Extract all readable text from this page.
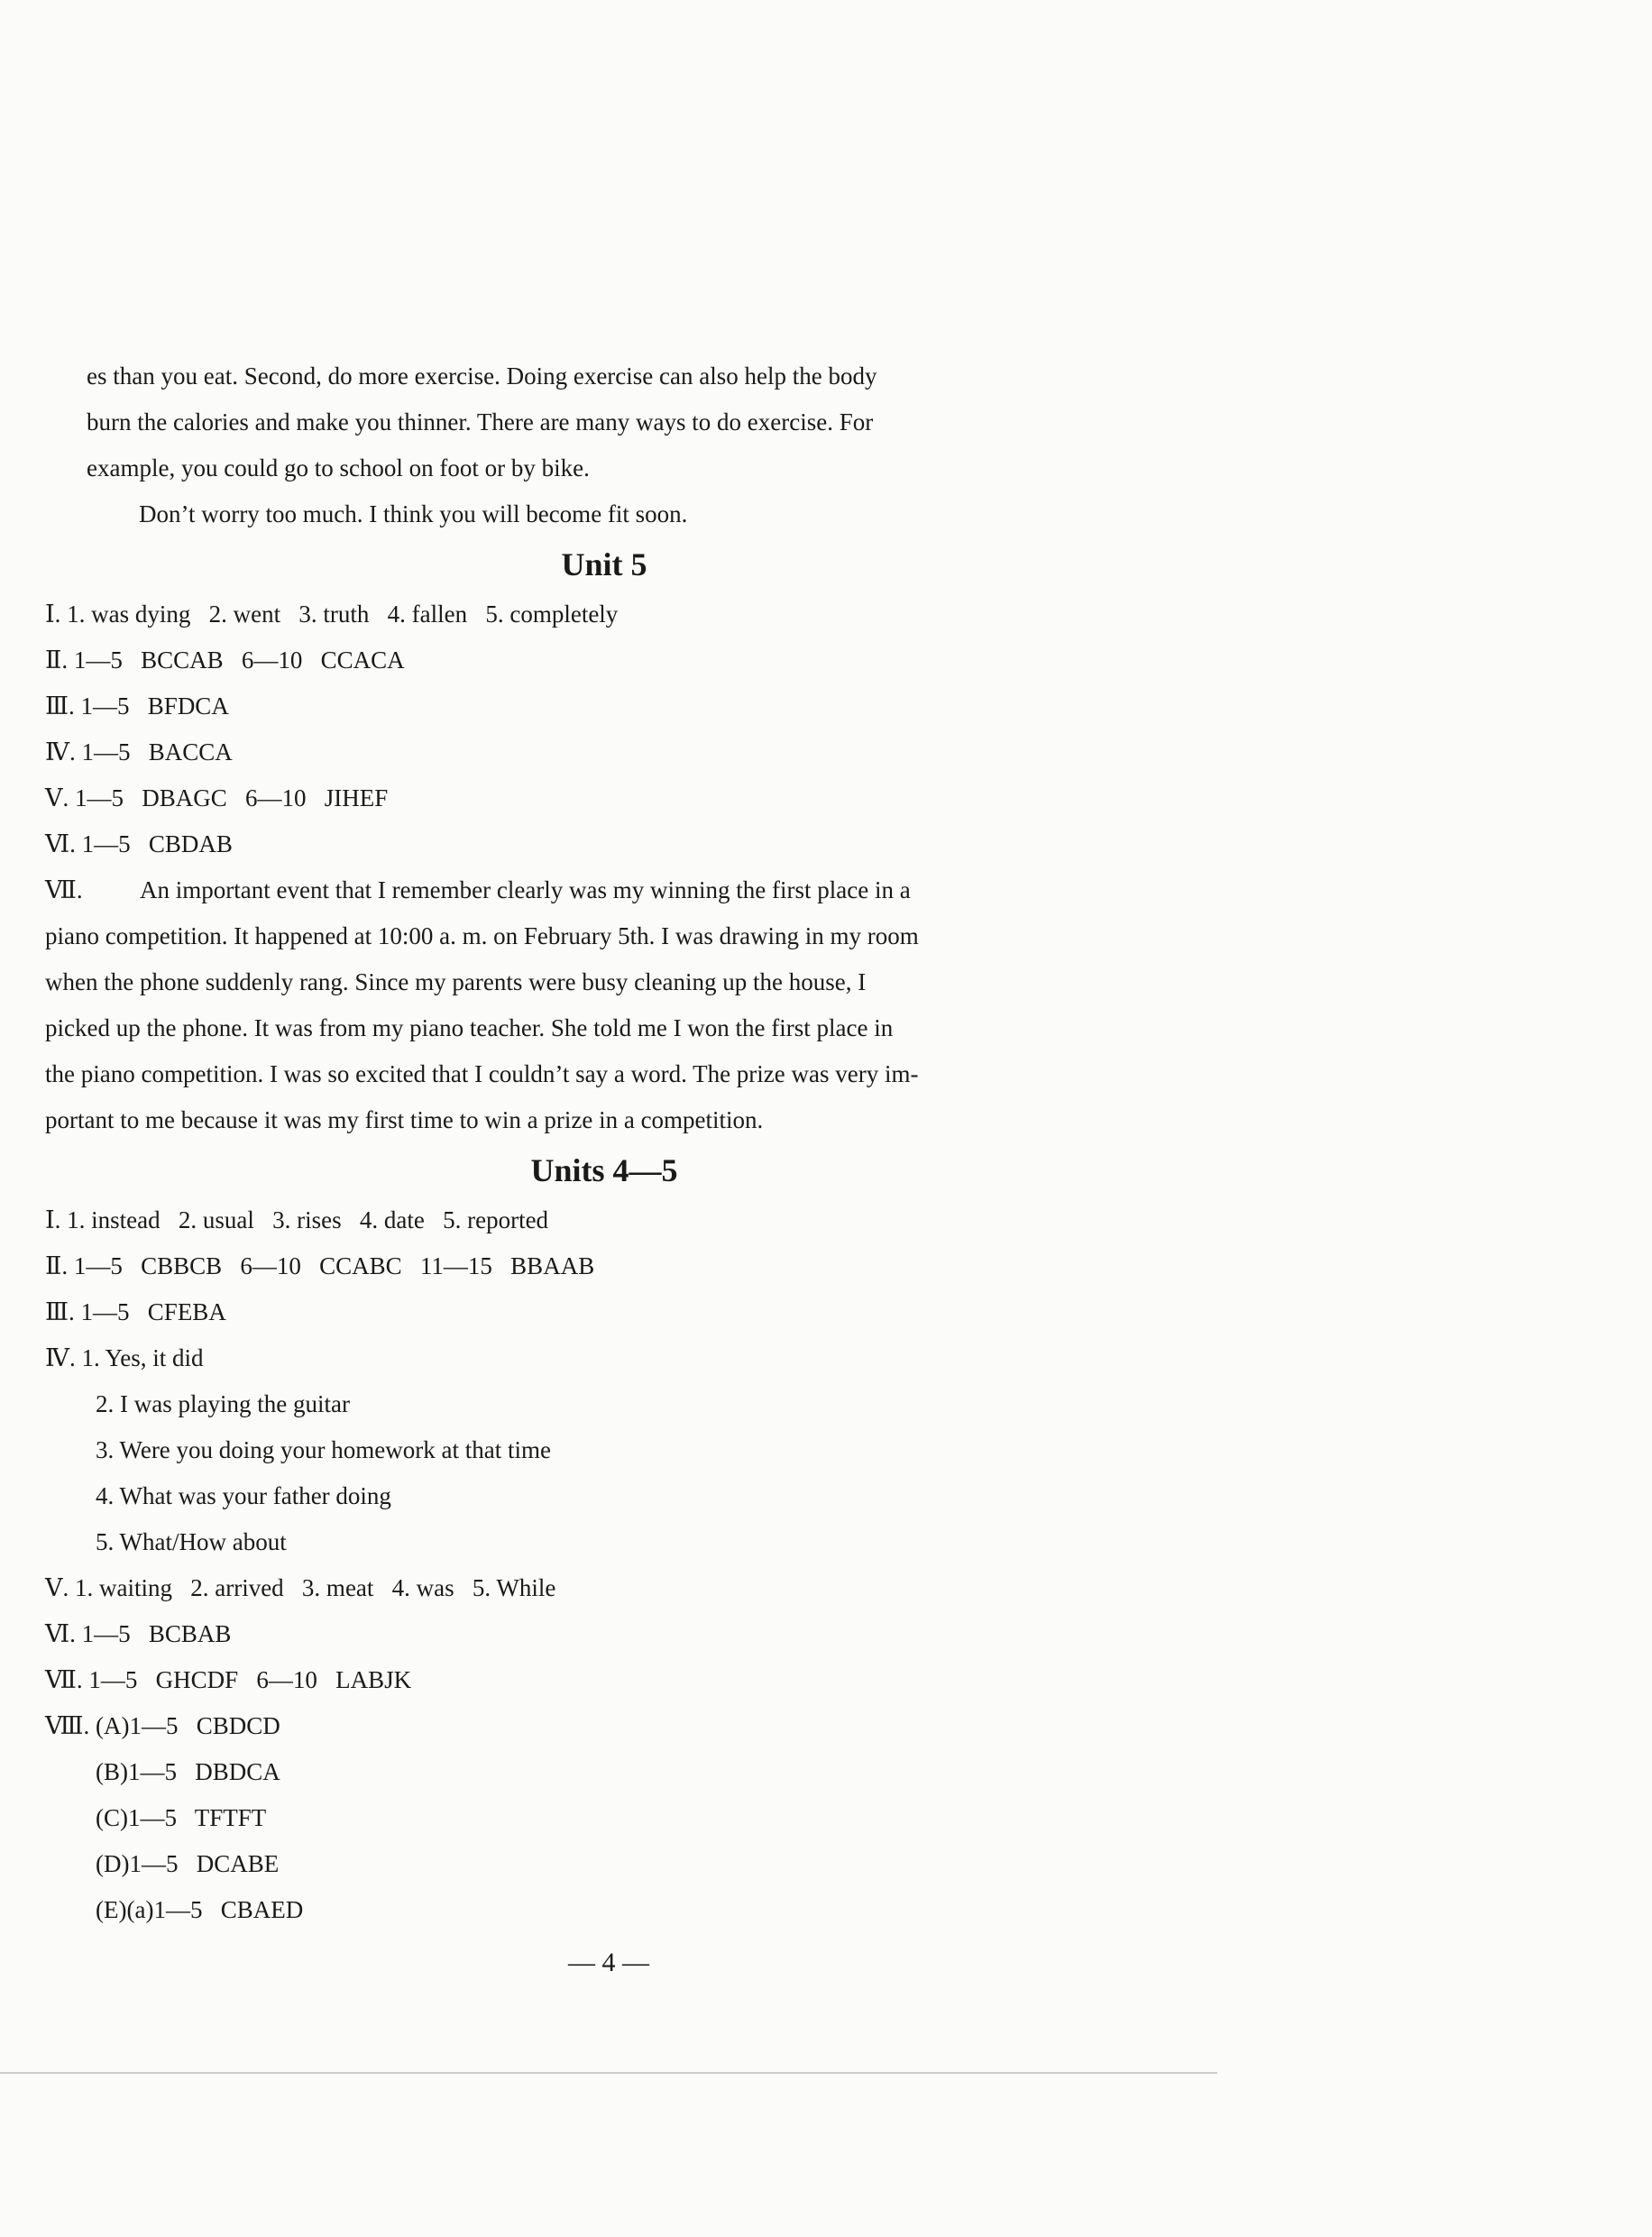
es than you eat. Second, do more exercise. Doing exercise can also help the body

burn the calories and make you thinner. There are many ways to do exercise. For

example, you could go to school on foot or by bike.

Don’t worry too much. I think you will become fit soon.

Unit 5

Ⅰ. 1. was dying   2. went   3. truth   4. fallen   5. completely

Ⅱ. 1—5   BCCAB   6—10   CCACA

Ⅲ. 1—5   BFDCA

Ⅳ. 1—5   BACCA

Ⅴ. 1—5   DBAGC   6—10   JIHEF

Ⅵ. 1—5   CBDAB

Ⅶ. An important event that I remember clearly was my winning the first place in a

piano competition. It happened at 10:00 a. m. on February 5th. I was drawing in my room

when the phone suddenly rang. Since my parents were busy cleaning up the house, I

picked up the phone. It was from my piano teacher. She told me I won the first place in

the piano competition. I was so excited that I couldn’t say a word. The prize was very im-

portant to me because it was my first time to win a prize in a competition.

Units 4—5

Ⅰ. 1. instead   2. usual   3. rises   4. date   5. reported

Ⅱ. 1—5   CBBCB   6—10   CCABC   11—15   BBAAB

Ⅲ. 1—5   CFEBA

Ⅳ. 1. Yes, it did

2. I was playing the guitar

3. Were you doing your homework at that time

4. What was your father doing

5. What/How about

Ⅴ. 1. waiting   2. arrived   3. meat   4. was   5. While

Ⅵ. 1—5   BCBAB

Ⅶ. 1—5   GHCDF   6—10   LABJK

Ⅷ. (A)1—5   CBDCD

(B)1—5   DBDCA

(C)1—5   TFTFT

(D)1—5   DCABE

(E)(a)1—5   CBAED

— 4 —
